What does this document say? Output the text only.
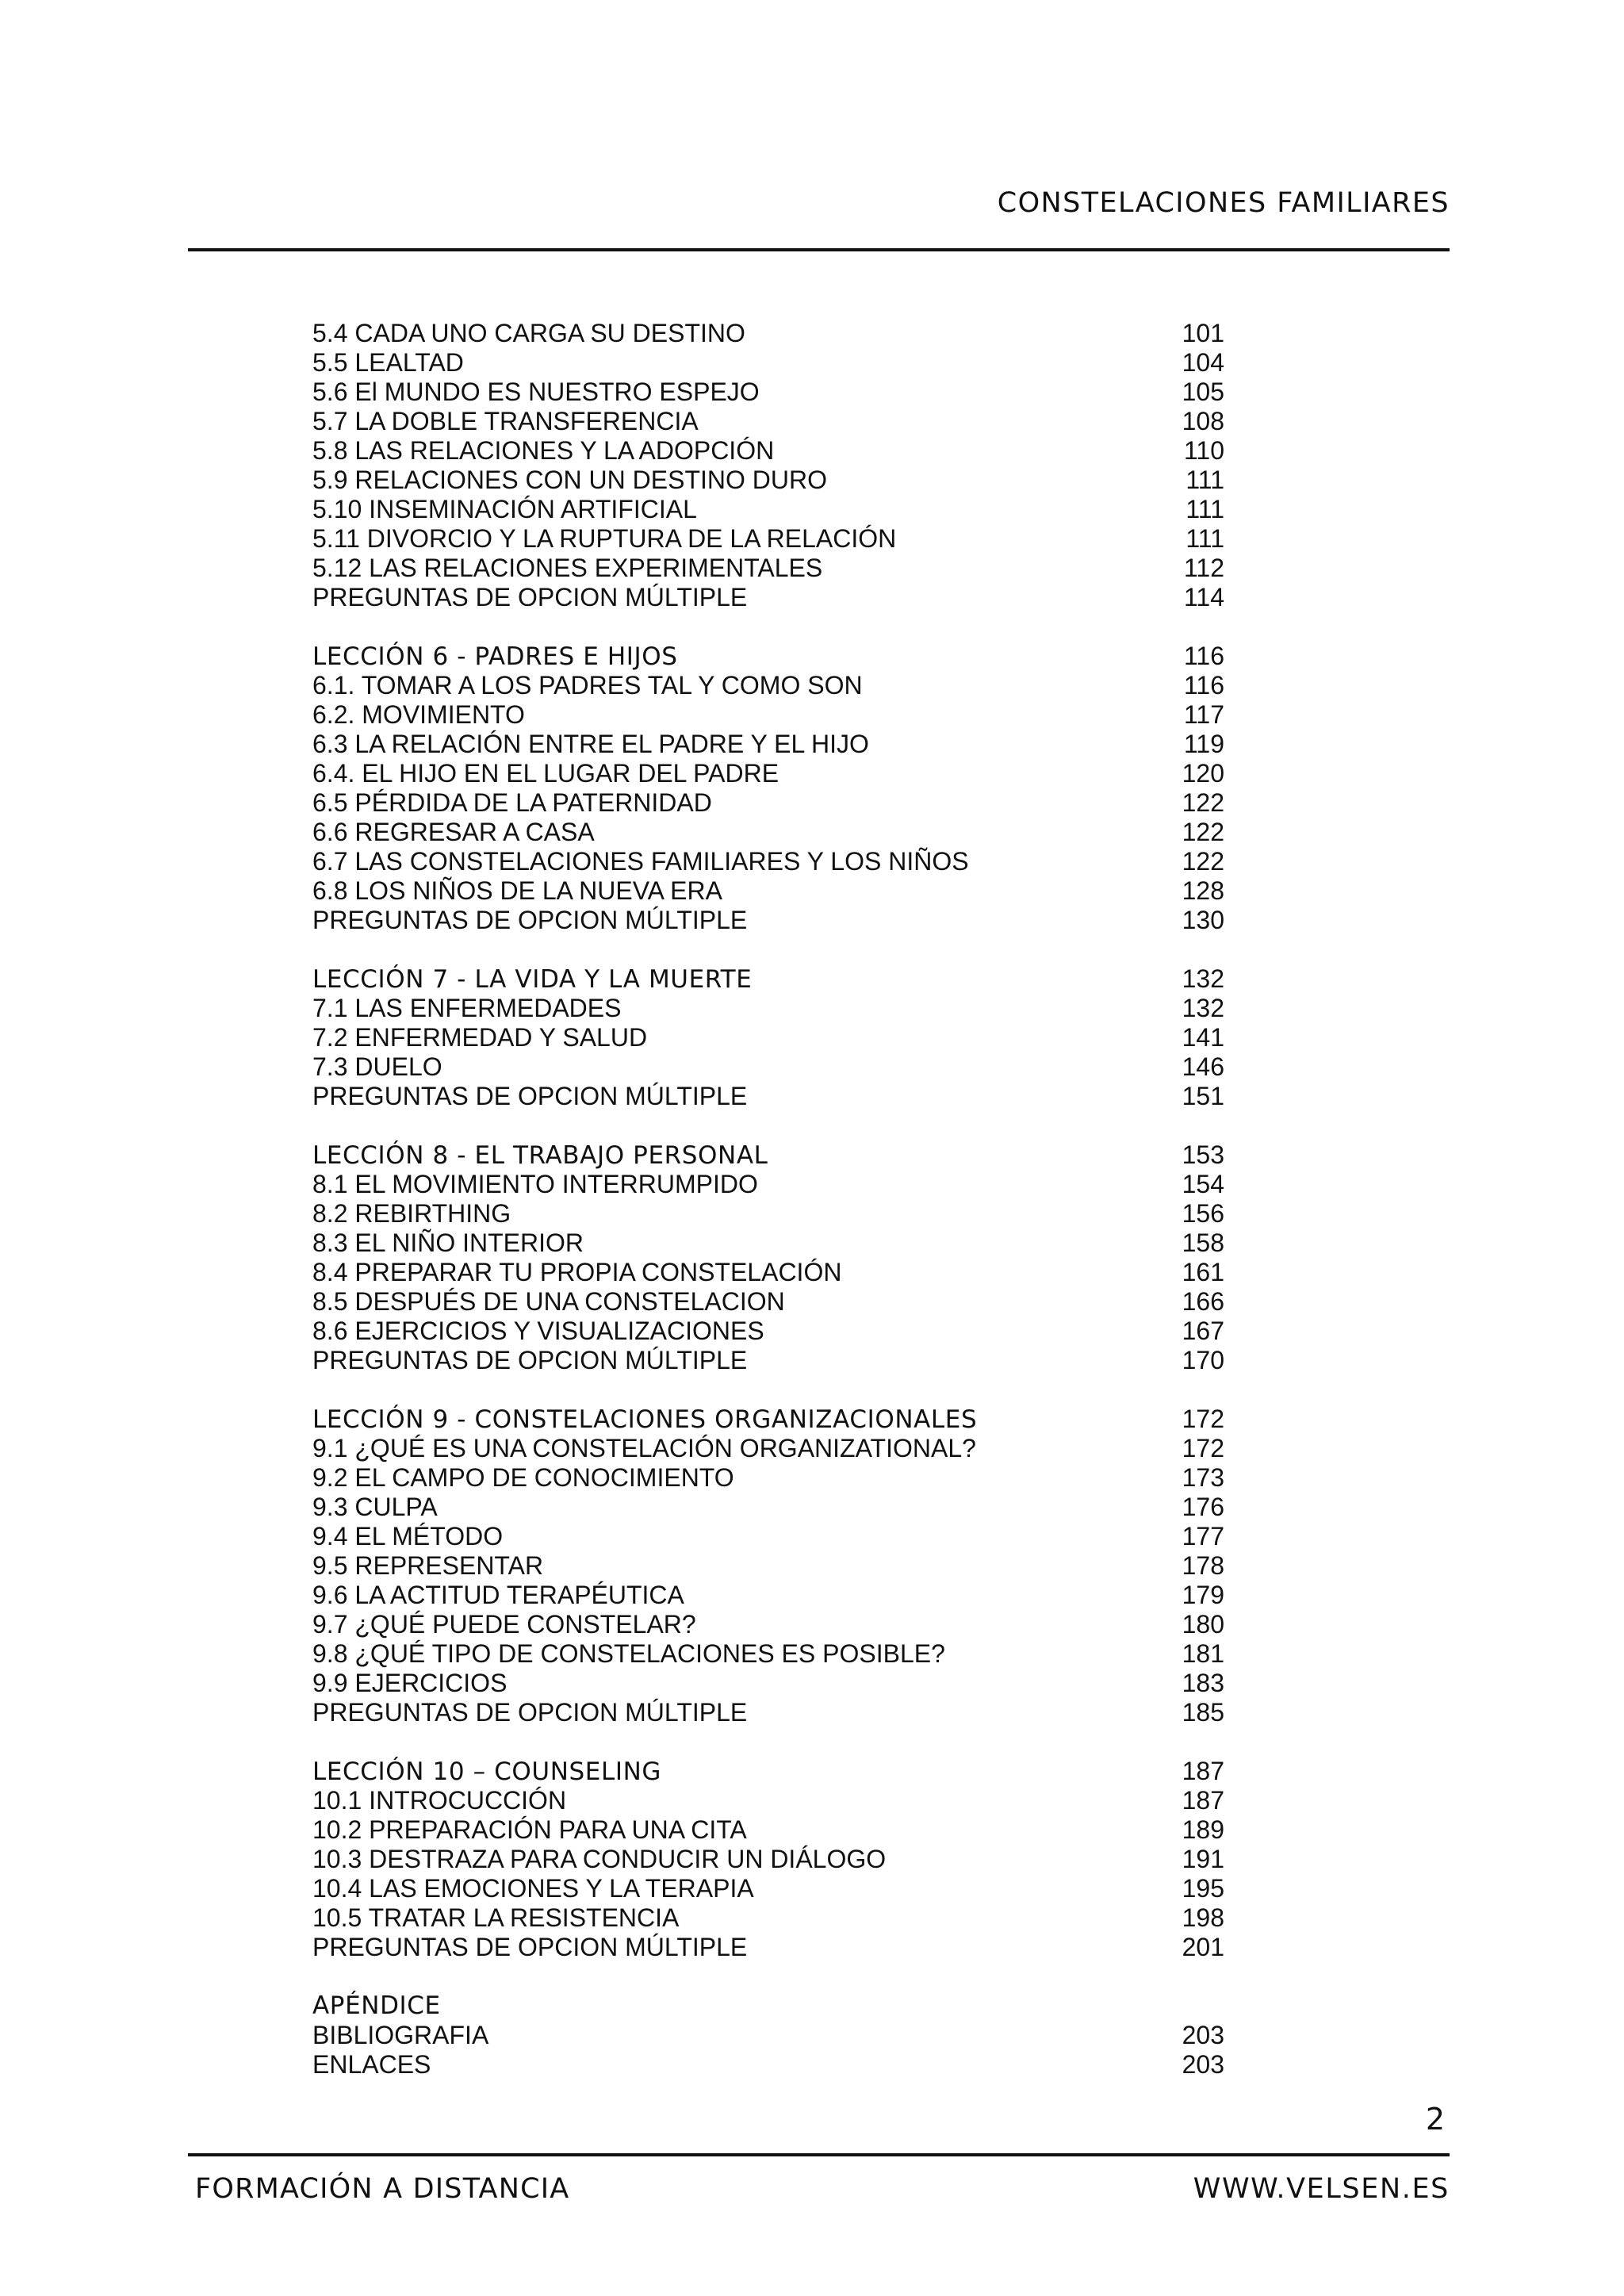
CONSTELACIONES FAMILIARES
5.4 CADA UNO CARGA SU DESTINO	101
5.5 LEALTAD	104
5.6 El MUNDO ES NUESTRO ESPEJO	105
5.7 LA DOBLE TRANSFERENCIA	108
5.8 LAS RELACIONES Y LA ADOPCIÓN	110
5.9 RELACIONES CON UN DESTINO DURO	111
5.10 INSEMINACIÓN ARTIFICIAL	111
5.11 DIVORCIO Y LA RUPTURA DE LA RELACIÓN	111
5.12 LAS RELACIONES EXPERIMENTALES	112
PREGUNTAS DE OPCION MÚLTIPLE	114
LECCIÓN 6 - PADRES E HIJOS	116
6.1. TOMAR A LOS PADRES TAL Y COMO SON	116
6.2. MOVIMIENTO	117
6.3 LA RELACIÓN ENTRE EL PADRE Y EL HIJO	119
6.4. EL HIJO EN EL LUGAR DEL PADRE	120
6.5 PÉRDIDA DE LA PATERNIDAD	122
6.6 REGRESAR A CASA	122
6.7 LAS CONSTELACIONES FAMILIARES Y LOS NIÑOS	122
6.8 LOS NIÑOS DE LA NUEVA ERA	128
PREGUNTAS DE OPCION MÚLTIPLE	130
LECCIÓN 7 - LA VIDA Y LA MUERTE	132
7.1 LAS ENFERMEDADES	132
7.2 ENFERMEDAD Y SALUD	141
7.3 DUELO	146
PREGUNTAS DE OPCION MÚLTIPLE	151
LECCIÓN 8 - EL TRABAJO PERSONAL	153
8.1 EL MOVIMIENTO INTERRUMPIDO	154
8.2 REBIRTHING	156
8.3 EL NIÑO INTERIOR	158
8.4 PREPARAR TU PROPIA CONSTELACIÓN	161
8.5 DESPUÉS DE UNA CONSTELACION	166
8.6 EJERCICIOS Y VISUALIZACIONES	167
PREGUNTAS DE OPCION MÚLTIPLE	170
LECCIÓN 9 - CONSTELACIONES ORGANIZACIONALES	172
9.1 ¿QUÉ ES UNA CONSTELACIÓN ORGANIZATIONAL?	172
9.2 EL CAMPO DE CONOCIMIENTO	173
9.3 CULPA	176
9.4 EL MÉTODO	177
9.5 REPRESENTAR	178
9.6 LA ACTITUD TERAPÉUTICA	179
9.7 ¿QUÉ PUEDE CONSTELAR?	180
9.8 ¿QUÉ TIPO DE CONSTELACIONES ES POSIBLE?	181
9.9 EJERCICIOS	183
PREGUNTAS DE OPCION MÚLTIPLE	185
LECCIÓN 10 – COUNSELING	187
10.1 INTROCUCCIÓN	187
10.2 PREPARACIÓN PARA UNA CITA	189
10.3 DESTRAZA PARA CONDUCIR UN DIÁLOGO	191
10.4 LAS EMOCIONES Y LA TERAPIA	195
10.5 TRATAR LA RESISTENCIA	198
PREGUNTAS DE OPCION MÚLTIPLE	201
APÉNDICE
BIBLIOGRAFIA	203
ENLACES	203
2
FORMACIÓN A DISTANCIA	WWW.VELSEN.ES
